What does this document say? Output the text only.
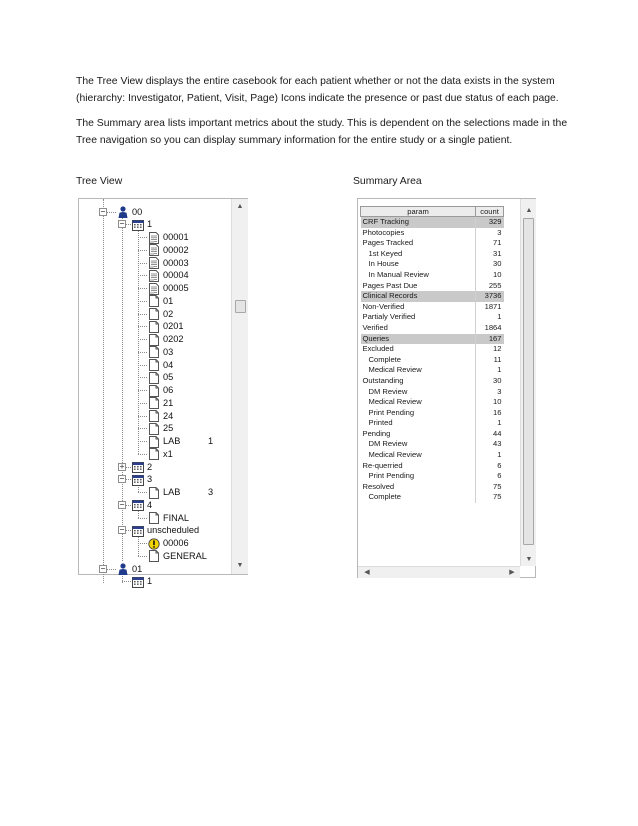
The Tree View displays the entire casebook for each patient whether or not the data exists in the system (hierarchy: Investigator, Patient, Visit, Page) Icons indicate the presence or past due status of each page.
The Summary area lists important metrics about the study. This is dependent on the selections made in the Tree navigation so you can display summary information for the entire study or a single patient.
Tree View	Summary Area
−	00
− 1
00001
00002
00003
00004
00005
01
02
0201
0202
03
04
05
06
21
24
25
LAB	1
x1
+ 2
− 3
LAB	3
− 4
FINAL
− unscheduled
00006
GENERAL
−	01
1
▲
▼
param	count
CRF Tracking	329
Photocopies	3
Pages Tracked	71
1st Keyed	31
In House	30
In Manual Review	10
Pages Past Due	255
Clinical Records	3736
Non-Verified	1871
Partialy Verified	1
Verified	1864
Queries	167
Excluded	12
Complete	11
Medical Review	1
Outstanding	30
DM Review	3
Medical Review	10
Print Pending	16
Printed	1
Pending	44
DM Review	43
Medical Review	1
Re-querried	6
Print Pending	6
Resolved	75
Complete	75
▲
▼
◀	▶
